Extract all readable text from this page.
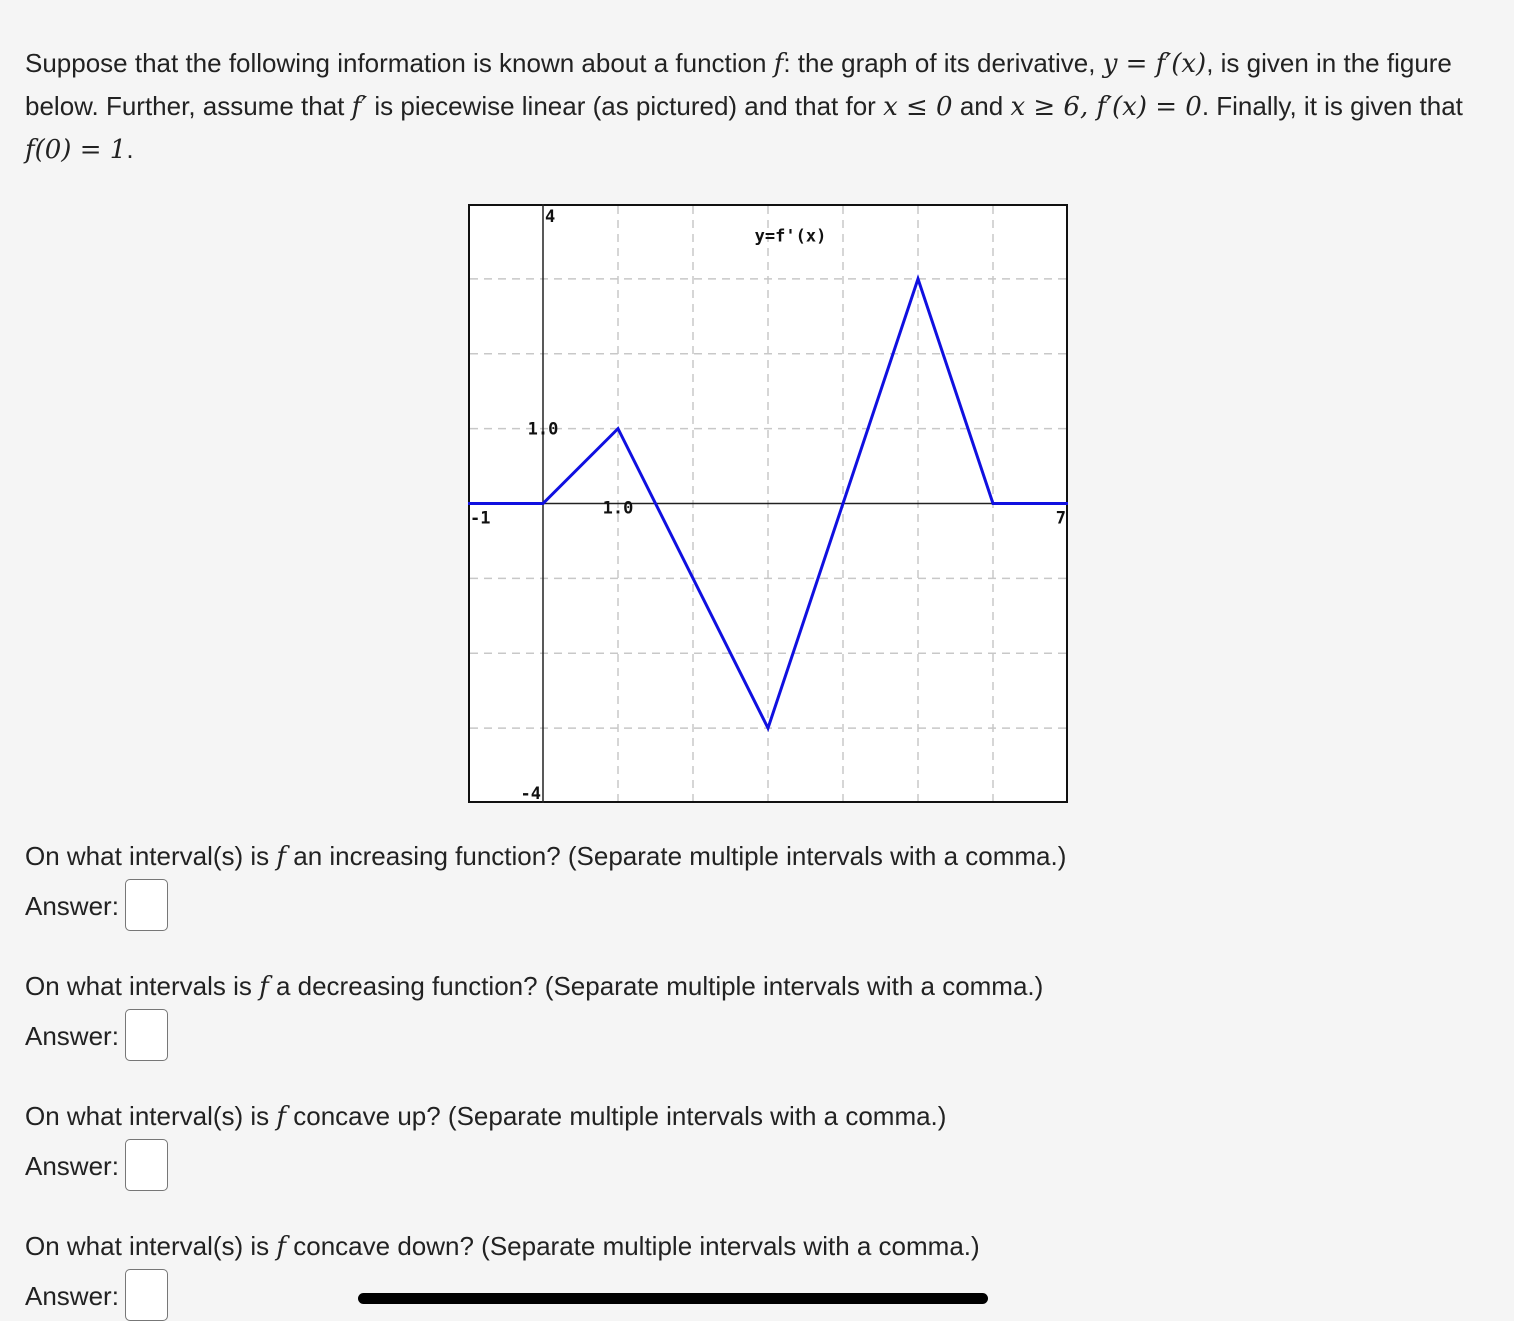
Suppose that the following information is known about a function f: the graph of its derivative, y = f′(x), is given in the figure below. Further, assume that f′ is piecewise linear (as pictured) and that for x ≤ 0 and x ≥ 6, f′(x) = 0. Finally, it is given that f(0) = 1.
-1	7
4
-4
1.0
1.0
y=f'(x)
On what interval(s) is f an increasing function? (Separate multiple intervals with a comma.)
Answer:
On what intervals is f a decreasing function? (Separate multiple intervals with a comma.)
Answer:
On what interval(s) is f concave up? (Separate multiple intervals with a comma.)
Answer:
On what interval(s) is f concave down? (Separate multiple intervals with a comma.)
Answer:
